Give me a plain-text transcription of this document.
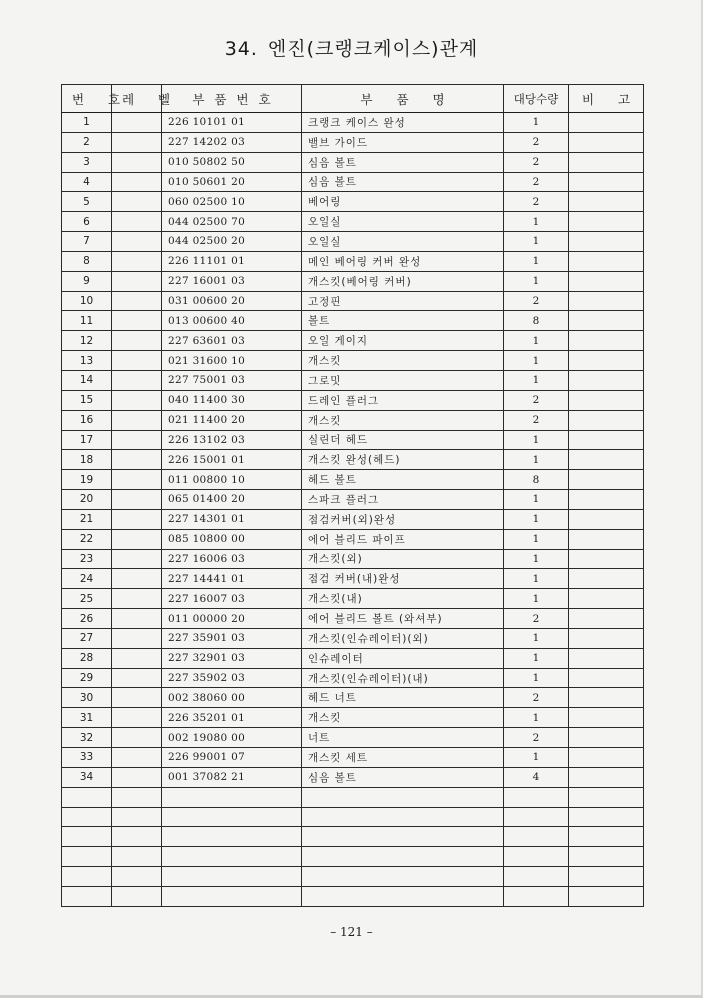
34. 엔진(크랭크케이스)관계
번 호	레 벨	부품번호	부 품 명	대당수량	비 고
1		226 10101 01	크랭크 케이스 완성	1	
2		227 14202 03	밸브 가이드	2	
3		010 50802 50	심음 볼트	2	
4		010 50601 20	심음 볼트	2	
5		060 02500 10	베어링	2	
6		044 02500 70	오일실	1	
7		044 02500 20	오일실	1	
8		226 11101 01	메인 베어링 커버 완성	1	
9		227 16001 03	개스킷(베어링 커버)	1	
10		031 00600 20	고정핀	2	
11		013 00600 40	볼트	8	
12		227 63601 03	오일 게이지	1	
13		021 31600 10	개스킷	1	
14		227 75001 03	그로밋	1	
15		040 11400 30	드레인 플러그	2	
16		021 11400 20	개스킷	2	
17		226 13102 03	실린더 헤드	1	
18		226 15001 01	개스킷 완성(헤드)	1	
19		011 00800 10	헤드 볼트	8	
20		065 01400 20	스파크 플러그	1	
21		227 14301 01	점검커버(외)완성	1	
22		085 10800 00	에어 블리드 파이프	1	
23		227 16006 03	개스킷(외)	1	
24		227 14441 01	점검 커버(내)완성	1	
25		227 16007 03	개스킷(내)	1	
26		011 00000 20	에어 블리드 볼트 (와셔부)	2	
27		227 35901 03	개스킷(인슈레이터)(외)	1	
28		227 32901 03	인슈레이터	1	
29		227 35902 03	개스킷(인슈레이터)(내)	1	
30		002 38060 00	헤드 너트	2	
31		226 35201 01	개스킷	1	
32		002 19080 00	너트	2	
33		226 99001 07	개스킷 세트	1	
34		001 37082 21	심음 볼트	4	

– 121 –
